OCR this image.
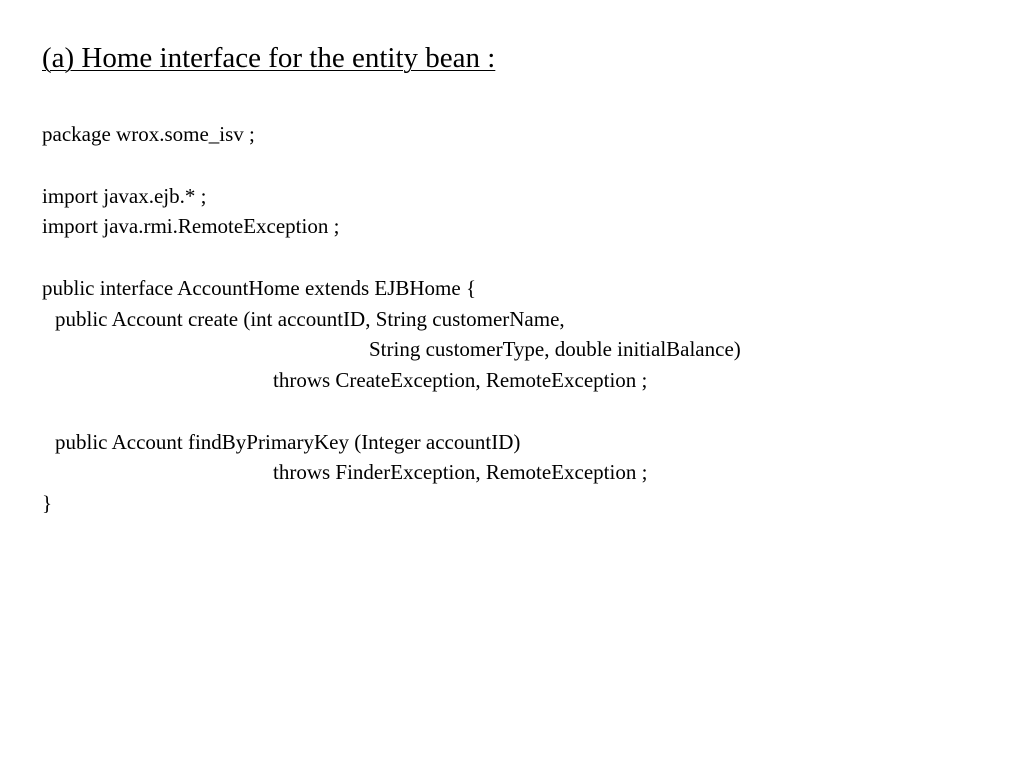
(a) Home interface for the entity bean :
package wrox.some_isv ;
import javax.ejb.* ;
import java.rmi.RemoteException ;
public interface AccountHome extends EJBHome {
public Account create (int accountID, String customerName,
String customerType, double initialBalance)
throws CreateException, RemoteException ;
public Account findByPrimaryKey (Integer accountID)
throws FinderException, RemoteException ;
}
